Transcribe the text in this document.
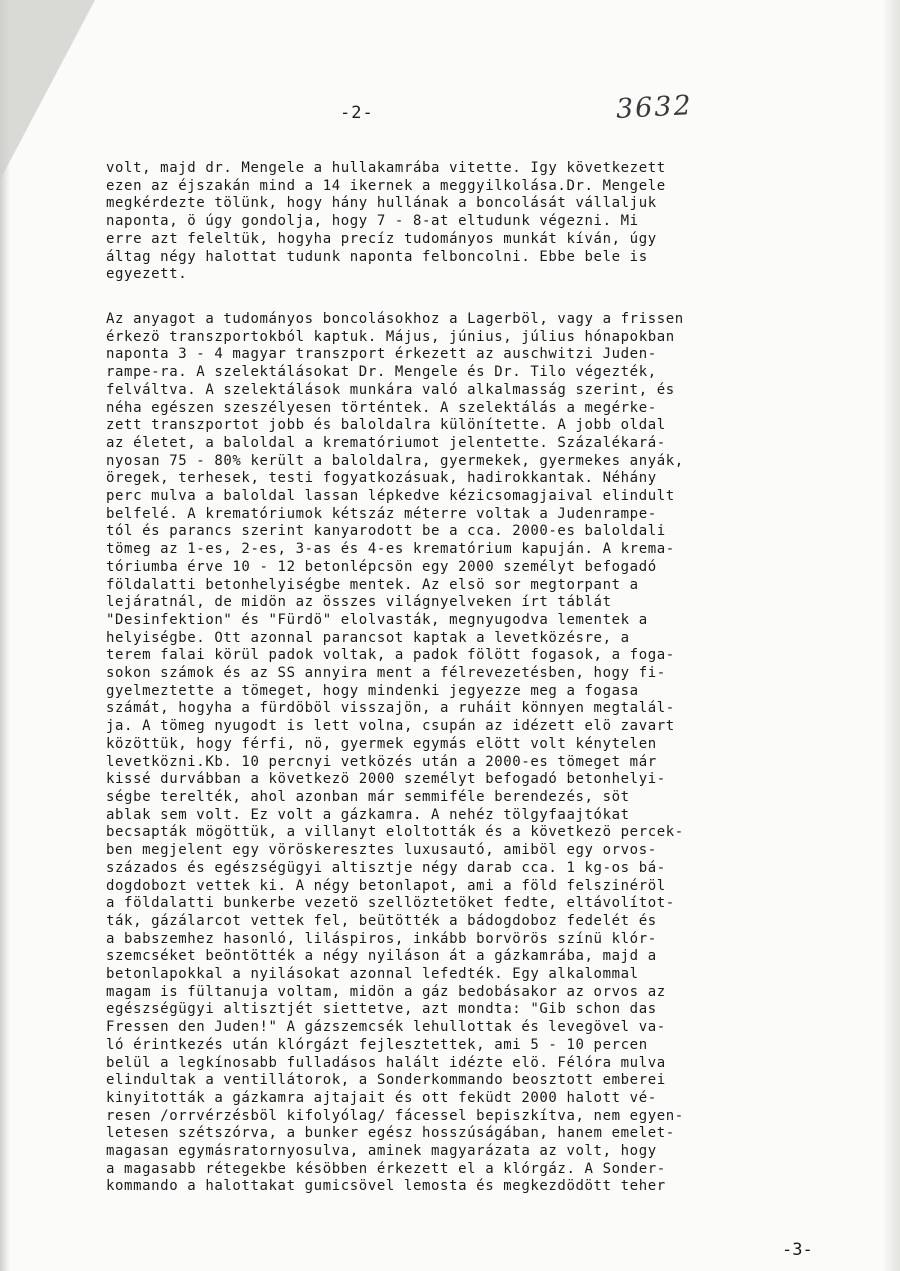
-2-	3632

volt, majd dr. Mengele a hullakamrába vitette. Igy következett
ezen az éjszakán mind a 14 ikernek a meggyilkolása.Dr. Mengele
megkérdezte tölünk, hogy hány hullának a boncolását vállaljuk
naponta, ö úgy gondolja, hogy 7 - 8-at eltudunk végezni. Mi
erre azt feleltük, hogyha precíz tudományos munkát kíván, úgy
áltag négy halottat tudunk naponta felboncolni. Ebbe bele is
egyezett.

Az anyagot a tudományos boncolásokhoz a Lagerböl, vagy a frissen
érkezö transzportokból kaptuk. Május, június, július hónapokban
naponta 3 - 4 magyar transzport érkezett az auschwitzi Juden-
rampe-ra. A szelektálásokat Dr. Mengele és Dr. Tilo végezték,
felváltva. A szelektálások munkára való alkalmasság szerint, és
néha egészen szeszélyesen történtek. A szelektálás a megérke-
zett transzportot jobb és baloldalra különítette. A jobb oldal
az életet, a baloldal a krematóriumot jelentette. Százalékará-
nyosan 75 - 80% került a baloldalra, gyermekek, gyermekes anyák,
öregek, terhesek, testi fogyatkozásuak, hadirokkantak. Néhány
perc mulva a baloldal lassan lépkedve kézicsomagjaival elindult
belfelé. A krematóriumok kétszáz méterre voltak a Judenrampe-
tól és parancs szerint kanyarodott be a cca. 2000-es baloldali
tömeg az 1-es, 2-es, 3-as és 4-es krematórium kapuján. A krema-
tóriumba érve 10 - 12 betonlépcsön egy 2000 személyt befogadó
földalatti betonhelyiségbe mentek. Az elsö sor megtorpant a
lejáratnál, de midön az összes világnyelveken írt táblát
"Desinfektion" és "Fürdö" elolvasták, megnyugodva lementek a
helyiségbe. Ott azonnal parancsot kaptak a levetközésre, a
terem falai körül padok voltak, a padok fölött fogasok, a foga-
sokon számok és az SS annyira ment a félrevezetésben, hogy fi-
gyelmeztette a tömeget, hogy mindenki jegyezze meg a fogasa
számát, hogyha a fürdöböl visszajön, a ruháit könnyen megtalál-
ja. A tömeg nyugodt is lett volna, csupán az idézett elö zavart
közöttük, hogy férfi, nö, gyermek egymás elött volt kénytelen
levetközni.Kb. 10 percnyi vetközés után a 2000-es tömeget már
kissé durvábban a következö 2000 személyt befogadó betonhelyi-
ségbe terelték, ahol azonban már semmiféle berendezés, söt
ablak sem volt. Ez volt a gázkamra. A nehéz tölgyfaajtókat
becsapták mögöttük, a villanyt eloltották és a következö percek-
ben megjelent egy vöröskeresztes luxusautó, amiböl egy orvos-
százados és egészségügyi altisztje négy darab cca. 1 kg-os bá-
dogdobozt vettek ki. A négy betonlapot, ami a föld felszinéröl
a földalatti bunkerbe vezetö szellöztetöket fedte, eltávolítot-
ták, gázálarcot vettek fel, beütötték a bádogdoboz fedelét és
a babszemhez hasonló, liláspiros, inkább borvörös színü klór-
szemcséket beöntötték a négy nyiláson át a gázkamrába, majd a
betonlapokkal a nyilásokat azonnal lefedték. Egy alkalommal
magam is fültanuja voltam, midön a gáz bedobásakor az orvos az
egészségügyi altisztjét siettetve, azt mondta: "Gib schon das
Fressen den Juden!" A gázszemcsék lehullottak és levegövel va-
ló érintkezés után klórgázt fejlesztettek, ami 5 - 10 percen
belül a legkínosabb fulladásos halált idézte elö. Félóra mulva
elindultak a ventillátorok, a Sonderkommando beosztott emberei
kinyitották a gázkamra ajtajait és ott feküdt 2000 halott vé-
resen /orrvérzésböl kifolyólag/ fácessel bepiszkítva, nem egyen-
letesen szétszórva, a bunker egész hosszúságában, hanem emelet-
magasan egymásratornyosulva, aminek magyarázata az volt, hogy
a magasabb rétegekbe késöbben érkezett el a klórgáz. A Sonder-
kommando a halottakat gumicsövel lemosta és megkezdödött teher

-3-
